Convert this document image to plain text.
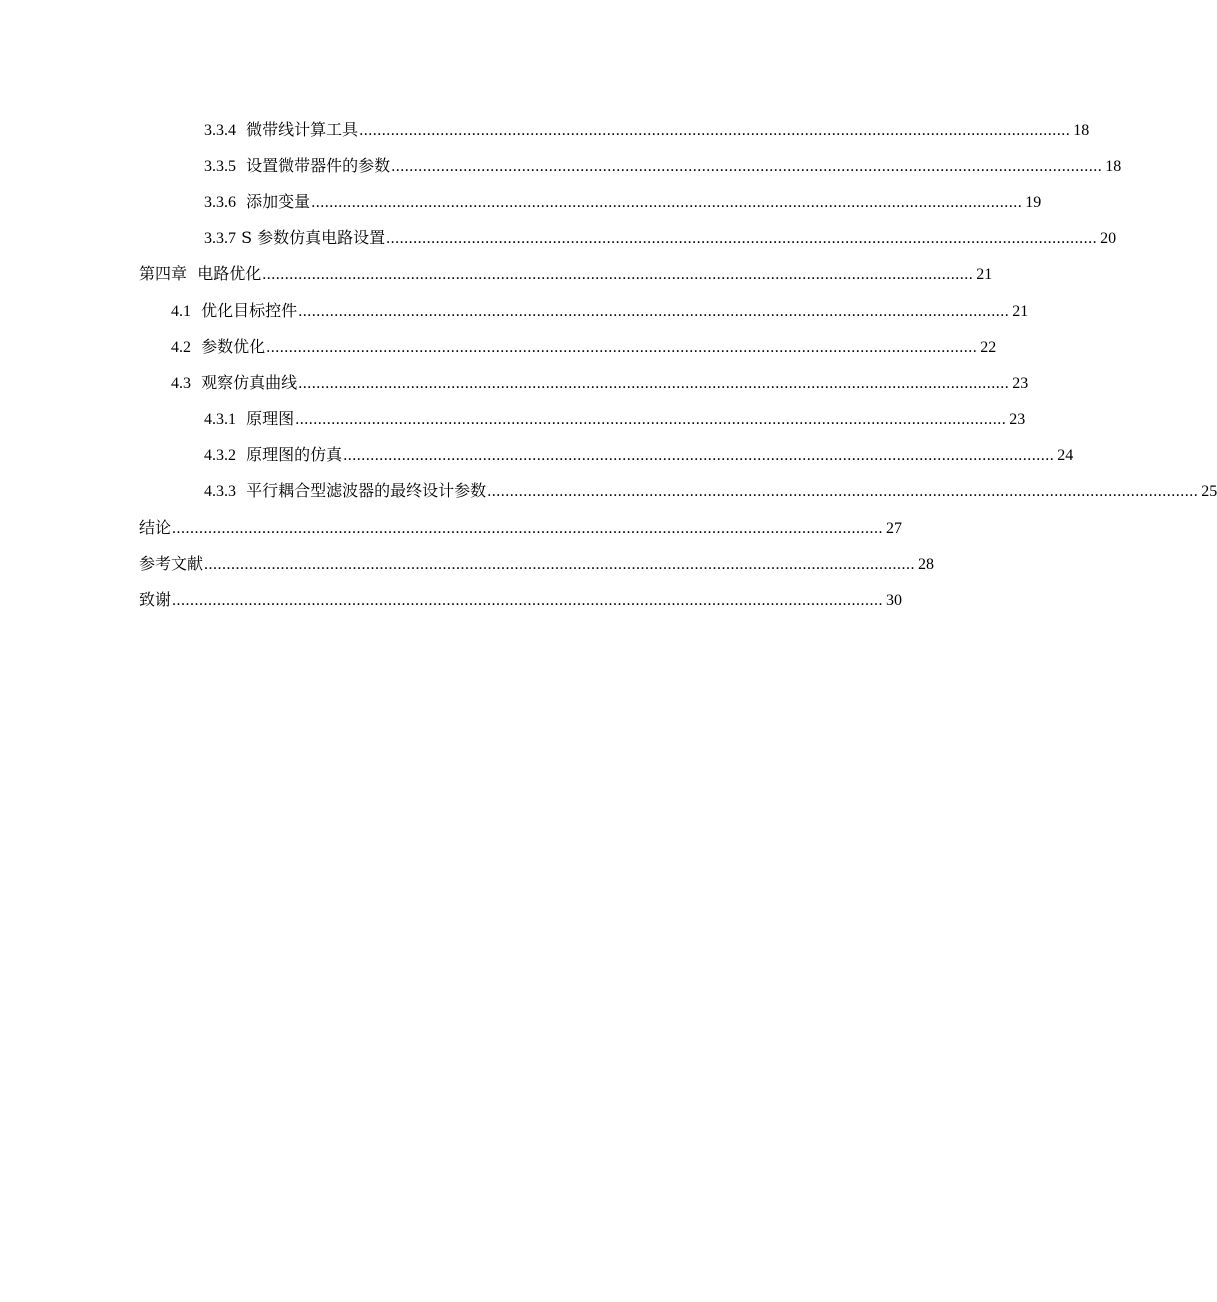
3.3.4
微带线计算工具 .............................................................................................................................................................. 18
3.3.5
设置微带器件的参数 .............................................................................................................................................................. 18
3.3.6
添加变量 .............................................................................................................................................................. 19
3.3.7
S 参数仿真电路设置 .............................................................................................................................................................. 20
第四章
电路优化 .............................................................................................................................................................. 21
4.1
优化目标控件 .............................................................................................................................................................. 21
4.2
参数优化 .............................................................................................................................................................. 22
4.3
观察仿真曲线 .............................................................................................................................................................. 23
4.3.1
原理图 .............................................................................................................................................................. 23
4.3.2
原理图的仿真 .............................................................................................................................................................. 24
4.3.3
平行耦合型滤波器的最终设计参数 .............................................................................................................................................................. 25
结论 .............................................................................................................................................................. 27
参考文献 .............................................................................................................................................................. 28
致谢 .............................................................................................................................................................. 30
